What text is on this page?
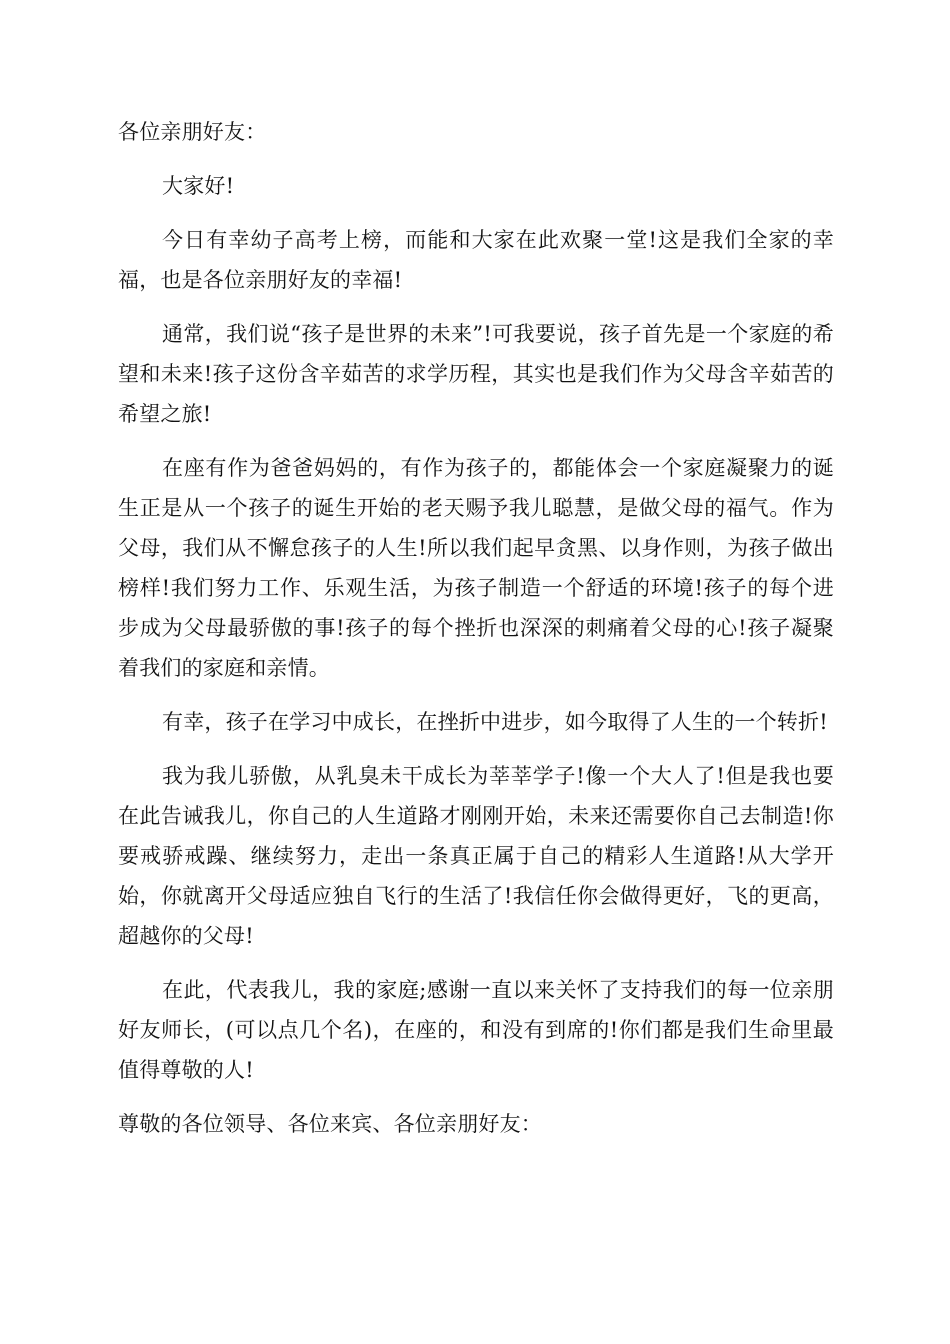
各位亲朋好友：

大家好!

今日有幸幼子高考上榜，而能和大家在此欢聚一堂!这是我们全家的幸福，也是各位亲朋好友的幸福!

通常，我们说“孩子是世界的未来”!可我要说，孩子首先是一个家庭的希望和未来!孩子这份含辛茹苦的求学历程，其实也是我们作为父母含辛茹苦的希望之旅!

在座有作为爸爸妈妈的，有作为孩子的，都能体会一个家庭凝聚力的诞生正是从一个孩子的诞生开始的老天赐予我儿聪慧，是做父母的福气。作为父母，我们从不懈怠孩子的人生!所以我们起早贪黑、以身作则，为孩子做出榜样!我们努力工作、乐观生活，为孩子制造一个舒适的环境!孩子的每个进步成为父母最骄傲的事!孩子的每个挫折也深深的刺痛着父母的心!孩子凝聚着我们的家庭和亲情。

有幸，孩子在学习中成长，在挫折中进步，如今取得了人生的一个转折!

我为我儿骄傲，从乳臭未干成长为莘莘学子!像一个大人了!但是我也要在此告诫我儿，你自己的人生道路才刚刚开始，未来还需要你自己去制造!你要戒骄戒躁、继续努力，走出一条真正属于自己的精彩人生道路!从大学开始，你就离开父母适应独自飞行的生活了!我信任你会做得更好，飞的更高，超越你的父母!

在此，代表我儿，我的家庭;感谢一直以来关怀了支持我们的每一位亲朋好友师长，(可以点几个名)，在座的，和没有到席的!你们都是我们生命里最值得尊敬的人!

尊敬的各位领导、各位来宾、各位亲朋好友：
